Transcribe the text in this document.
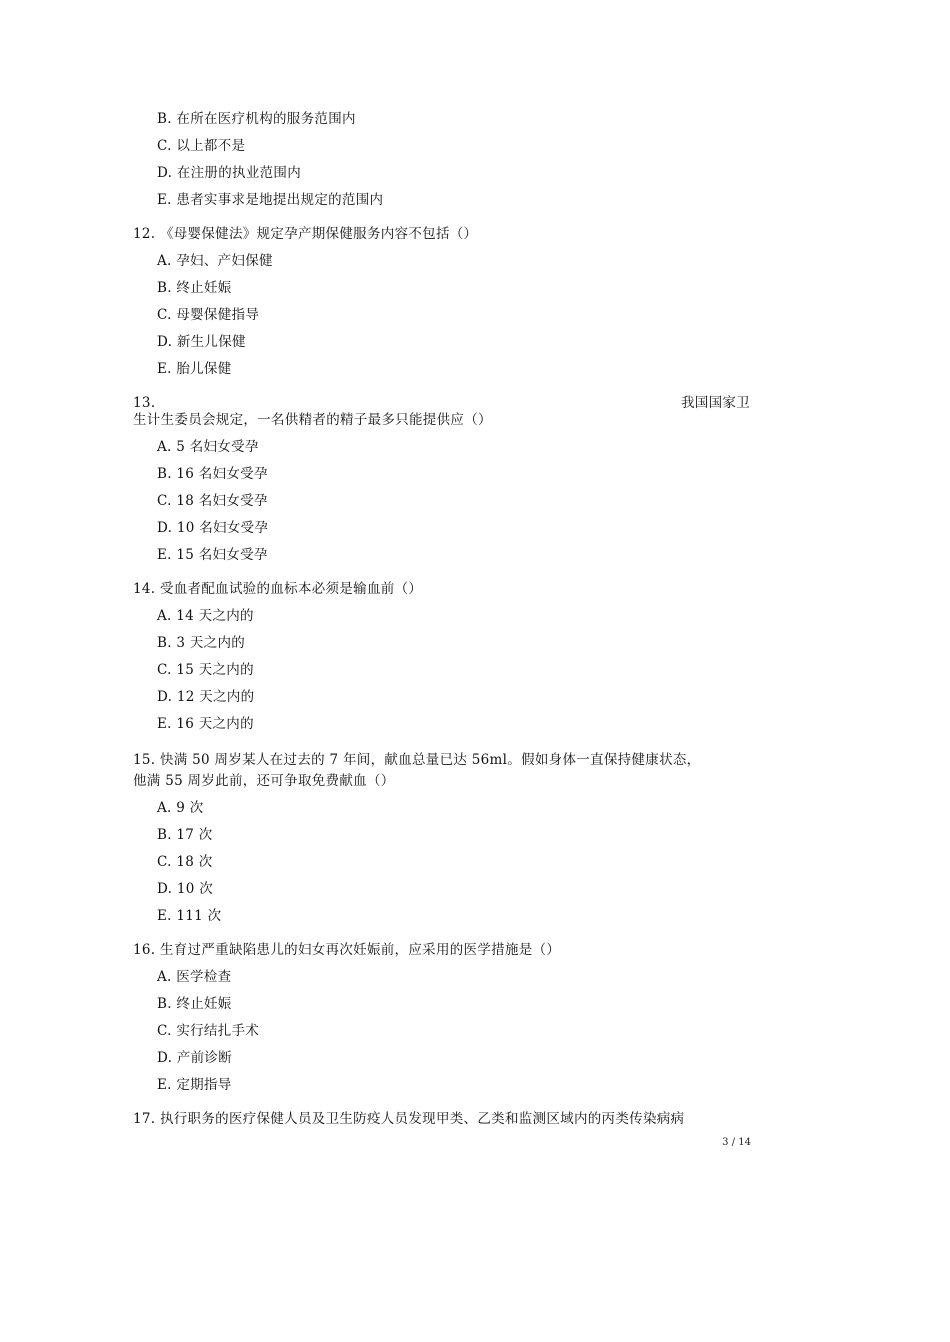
B. 在所在医疗机构的服务范围内
C. 以上都不是
D. 在注册的执业范围内
E. 患者实事求是地提出规定的范围内
12. 《母婴保健法》规定孕产期保健服务内容不包括（）
A. 孕妇、产妇保健
B. 终止妊娠
C. 母婴保健指导
D. 新生儿保健
E. 胎儿保健
13.	我国国家卫
生计生委员会规定，一名供精者的精子最多只能提供应（）
A. 5 名妇女受孕
B. 16 名妇女受孕
C. 18 名妇女受孕
D. 10 名妇女受孕
E. 15 名妇女受孕
14. 受血者配血试验的血标本必须是输血前（）
A. 14 天之内的
B. 3 天之内的
C. 15 天之内的
D. 12 天之内的
E. 16 天之内的
15. 快满 50 周岁某人在过去的 7 年间，献血总量已达 56ml。假如身体一直保持健康状态，
他满 55 周岁此前，还可争取免费献血（）
A. 9 次
B. 17 次
C. 18 次
D. 10 次
E. 111 次
16. 生育过严重缺陷患儿的妇女再次妊娠前，应采用的医学措施是（）
A. 医学检查
B. 终止妊娠
C. 实行结扎手术
D. 产前诊断
E. 定期指导
17. 执行职务的医疗保健人员及卫生防疫人员发现甲类、乙类和监测区域内的丙类传染病病
3 / 14
